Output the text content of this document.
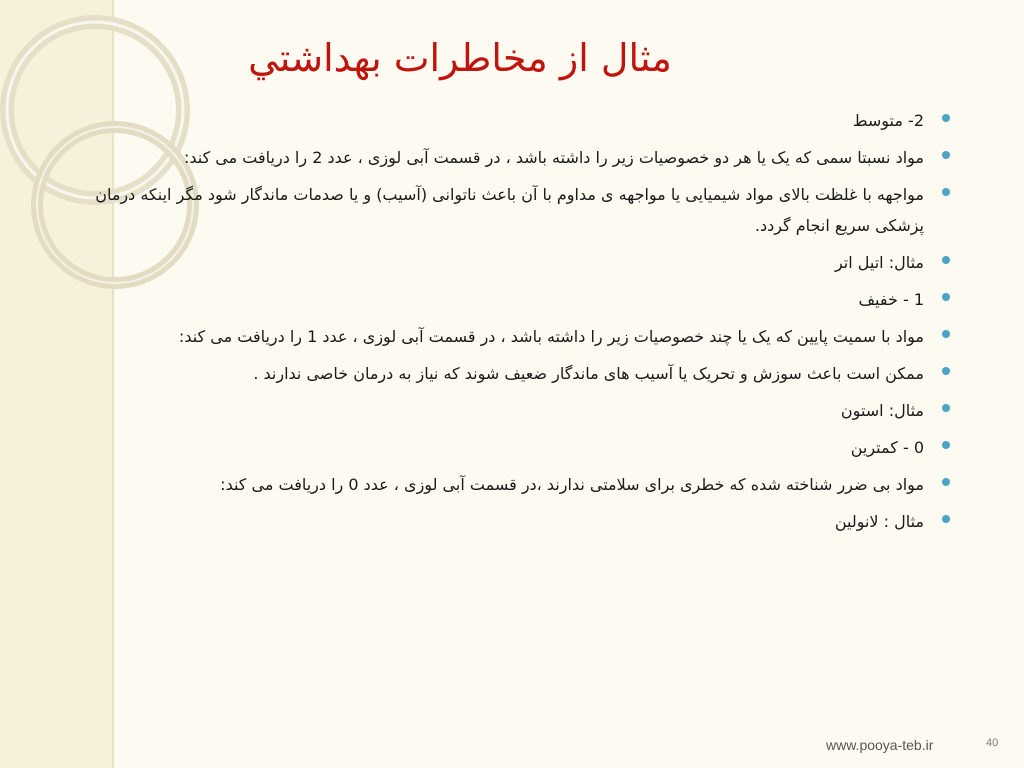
مثال از مخاطرات بهداشتي
2- متوسط
مواد نسبتا سمی که یک یا هر دو خصوصیات زیر را داشته باشد ، در قسمت آبی لوزی ، عدد 2 را دریافت می کند:
مواجهه با غلظت بالای مواد شیمیایی یا مواجهه ی مداوم با آن باعث ناتوانی (آسیب) و یا صدمات ماندگار شود مگر اینکه درمان پزشکی سریع انجام گردد.
مثال: اتیل اتر
1 - خفیف
مواد با سمیت پایین که یک یا چند خصوصیات زیر را داشته باشد ، در قسمت آبی لوزی ، عدد 1 را دریافت می کند:
ممکن است باعث سوزش و تحریک یا آسیب های ماندگار ضعیف شوند که نیاز به درمان خاصی ندارند .
مثال: استون
0 - کمترین
مواد بی ضرر شناخته شده که خطری برای سلامتی ندارند ،در قسمت آبی لوزی ، عدد 0 را دریافت می کند:
مثال : لانولین
www.pooya-teb.ir	40
